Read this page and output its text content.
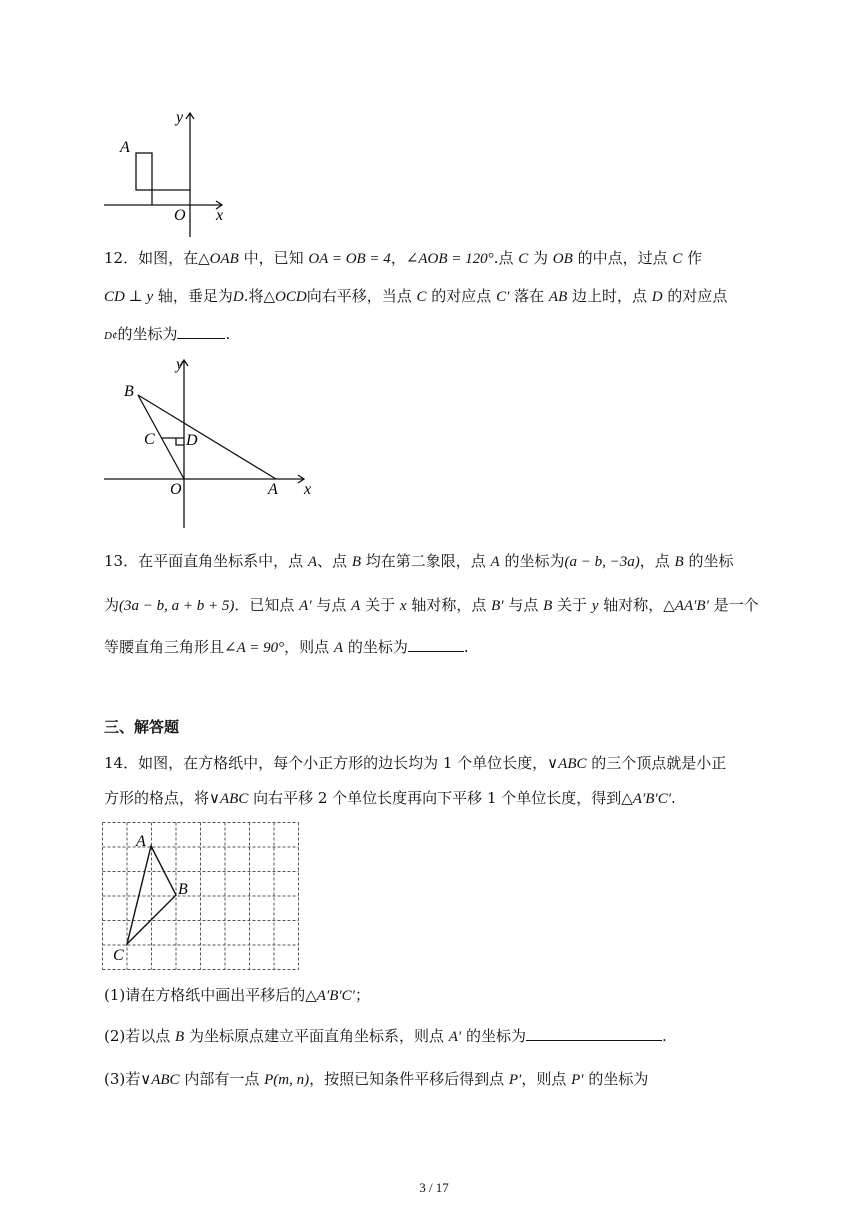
y
x
A
O
12．如图，在△OAB 中，已知 OA = OB = 4，∠AOB = 120°.点 C 为 OB 的中点，过点 C 作
CD ⊥ y 轴，垂足为D.将△OCD向右平移，当点 C 的对应点 C′ 落在 AB 边上时，点 D 的对应点
D¢的坐标为	.
y
x
B
C D
O	A
13．在平面直角坐标系中，点 A、点 B 均在第二象限，点 A 的坐标为(a − b, −3a)，点 B 的坐标
为(3a − b, a + b + 5)．已知点 A′ 与点 A 关于 x 轴对称，点 B′ 与点 B 关于 y 轴对称，△AA′B′ 是一个
等腰直角三角形且∠A = 90°，则点 A 的坐标为	.
三、解答题
14．如图，在方格纸中，每个小正方形的边长均为 1 个单位长度，∨ABC 的三个顶点就是小正
方形的格点，将∨ABC 向右平移 2 个单位长度再向下平移 1 个单位长度，得到△A′B′C′.
A
B
C
(1)请在方格纸中画出平移后的△A′B′C′；
(2)若以点 B 为坐标原点建立平面直角坐标系，则点 A′ 的坐标为	.
(3)若∨ABC 内部有一点 P(m, n)，按照已知条件平移后得到点 P′，则点 P′ 的坐标为
3 / 17
